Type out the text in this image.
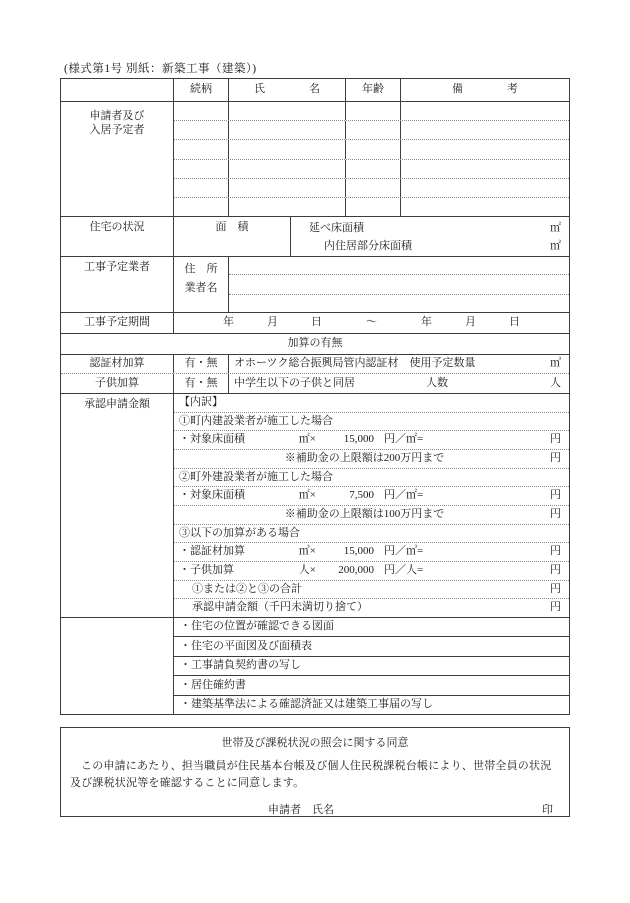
(様式第1号 別紙：新築工事（建築）)
続柄	氏　　　　名	年齢	備　　　　考
申請者及び
入居予定者
住宅の状況	面　積	延べ床面積	㎡
内住居部分床面積	㎡
工事予定業者	住　所
業者名
工事予定期間	年　　　月　　　日　　　　～　　　　年　　　月　　　日
加算の有無
認証材加算	有・無	オホーツク総合振興局管内認証材　使用予定数量	㎥
子供加算	有・無	中学生以下の子供と同居	人数	人
承認申請金額	【内訳】
①町内建設業者が施工した場合
・対象床面積	㎡×	15,000 円／㎡=	円
※補助金の上限額は200万円まで	円
②町外建設業者が施工した場合
・対象床面積	㎡×	7,500 円／㎡=	円
※補助金の上限額は100万円まで	円
③以下の加算がある場合
・認証材加算	㎥×	15,000 円／㎥=	円
・子供加算	人×	200,000 円／人=	円
①または②と③の合計	円
承認申請金額（千円未満切り捨て）	円
・住宅の位置が確認できる図面
・住宅の平面図及び面積表
・工事請負契約書の写し
・居住確約書
・建築基準法による確認済証又は建築工事届の写し
世帯及び課税状況の照会に関する同意
この申請にあたり、担当職員が住民基本台帳及び個人住民税課税台帳により、世帯全員の状況及び課税状況等を確認することに同意します。
申請者　氏名	印
